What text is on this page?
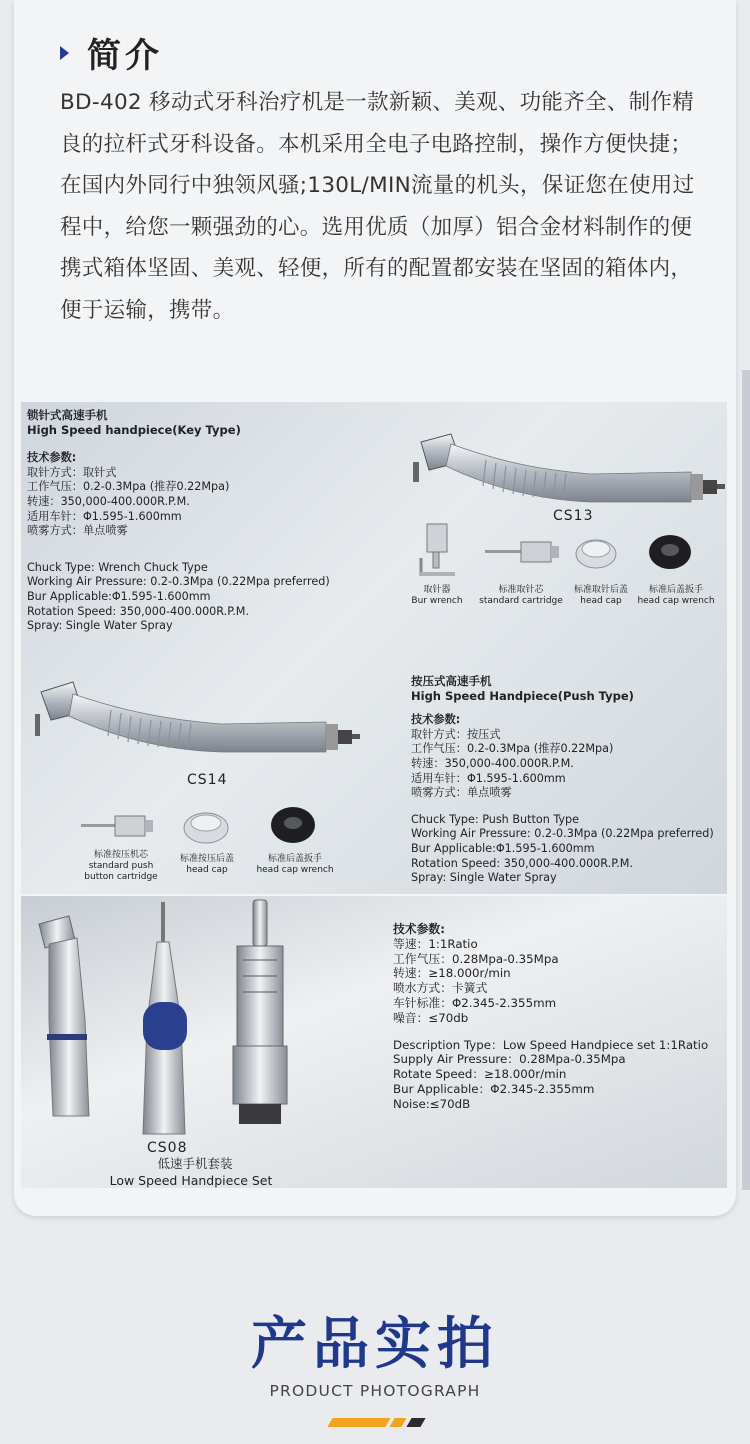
简介
BD-402 移动式牙科治疗机是一款新颖、美观、功能齐全、制作精良的拉杆式牙科设备。本机采用全电子电路控制，操作方便快捷；在国内外同行中独领风骚;130L/MIN流量的机头，保证您在使用过程中，给您一颗强劲的心。选用优质（加厚）铝合金材料制作的便携式箱体坚固、美观、轻便，所有的配置都安装在坚固的箱体内，便于运输，携带。
锁针式高速手机
High Speed handpiece(Key Type)
技术参数:
取针方式：取针式
工作气压：0.2-0.3Mpa (推荐0.22Mpa)
转速：350,000-400.000R.P.M.
适用车针：Φ1.595-1.600mm
喷雾方式：单点喷雾
Chuck Type: Wrench Chuck Type
Working Air Pressure: 0.2-0.3Mpa (0.22Mpa preferred)
Bur Applicable:Φ1.595-1.600mm
Rotation Speed: 350,000-400.000R.P.M.
Spray: Single Water Spray
CS13
取针器
Bur wrench
标准取针芯
standard cartridge
标准取针后盖
head cap
标准后盖扳手
head cap wrench
CS14
标准按压机芯
standard push
button cartridge
标准按压后盖
head cap
标准后盖扳手
head cap wrench
按压式高速手机
High Speed Handpiece(Push Type)
技术参数:
取针方式：按压式
工作气压：0.2-0.3Mpa (推荐0.22Mpa)
转速：350,000-400.000R.P.M.
适用车针：Φ1.595-1.600mm
喷雾方式：单点喷雾
Chuck Type: Push Button Type
Working Air Pressure: 0.2-0.3Mpa (0.22Mpa preferred)
Bur Applicable:Φ1.595-1.600mm
Rotation Speed: 350,000-400.000R.P.M.
Spray: Single Water Spray
CS08
低速手机套装
Low Speed Handpiece Set
技术参数:
等速：1:1Ratio
工作气压：0.28Mpa-0.35Mpa
转速：≥18.000r/min
喷水方式：卡簧式
车针标准：Φ2.345-2.355mm
噪音：≤70db
Description Type：Low Speed Handpiece set 1:1Ratio
Supply Air Pressure：0.28Mpa-0.35Mpa
Rotate Speed：≥18.000r/min
Bur Applicable：Φ2.345-2.355mm
Noise:≤70dB
产品实拍
PRODUCT PHOTOGRAPH
